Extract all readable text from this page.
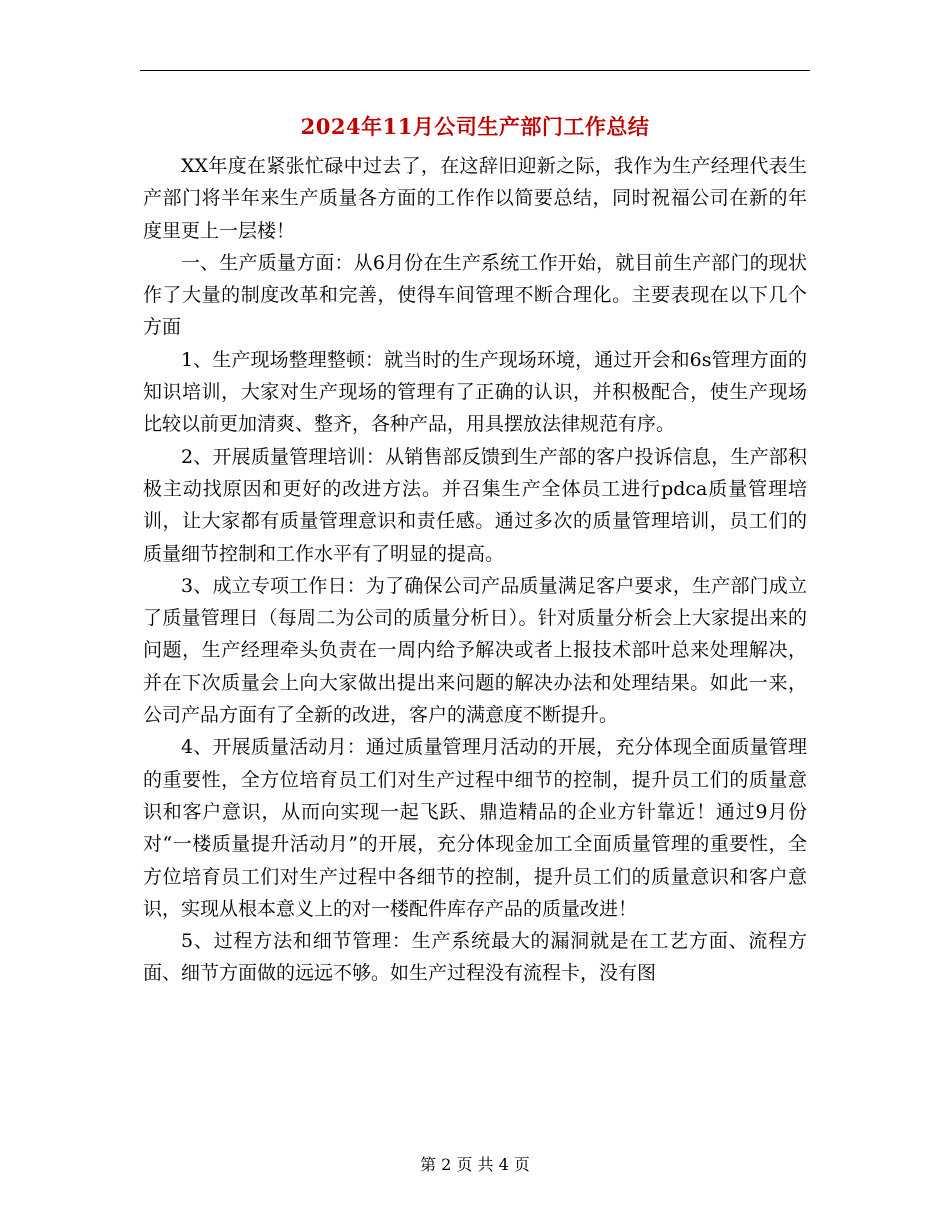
2024年11月公司生产部门工作总结

XX年度在紧张忙碌中过去了，在这辞旧迎新之际，我作为生产经理代表生产部门将半年来生产质量各方面的工作作以简要总结，同时祝福公司在新的年度里更上一层楼！

一、生产质量方面：从6月份在生产系统工作开始，就目前生产部门的现状作了大量的制度改革和完善，使得车间管理不断合理化。主要表现在以下几个方面

1、生产现场整理整顿：就当时的生产现场环境，通过开会和6s管理方面的知识培训，大家对生产现场的管理有了正确的认识，并积极配合，使生产现场比较以前更加清爽、整齐，各种产品，用具摆放法律规范有序。

2、开展质量管理培训：从销售部反馈到生产部的客户投诉信息，生产部积极主动找原因和更好的改进方法。并召集生产全体员工进行pdca质量管理培训，让大家都有质量管理意识和责任感。通过多次的质量管理培训，员工们的质量细节控制和工作水平有了明显的提高。

3、成立专项工作日：为了确保公司产品质量满足客户要求，生产部门成立了质量管理日（每周二为公司的质量分析日）。针对质量分析会上大家提出来的问题，生产经理牵头负责在一周内给予解决或者上报技术部叶总来处理解决，并在下次质量会上向大家做出提出来问题的解决办法和处理结果。如此一来，公司产品方面有了全新的改进，客户的满意度不断提升。

4、开展质量活动月：通过质量管理月活动的开展，充分体现全面质量管理的重要性，全方位培育员工们对生产过程中细节的控制，提升员工们的质量意识和客户意识，从而向实现一起飞跃、鼎造精品的企业方针靠近！通过9月份对“一楼质量提升活动月”的开展，充分体现金加工全面质量管理的重要性，全方位培育员工们对生产过程中各细节的控制，提升员工们的质量意识和客户意识，实现从根本意义上的对一楼配件库存产品的质量改进！

5、过程方法和细节管理：生产系统最大的漏洞就是在工艺方面、流程方面、细节方面做的远远不够。如生产过程没有流程卡，没有图

第 2 页 共 4 页
